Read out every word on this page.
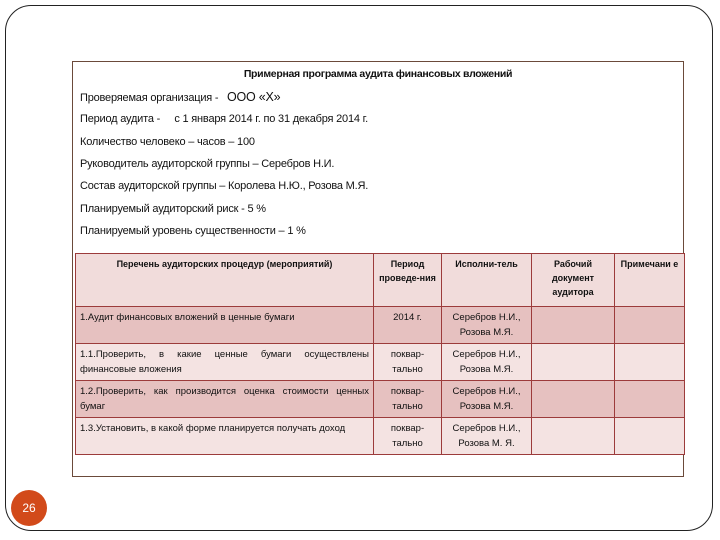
Примерная программа аудита финансовых вложений
Проверяемая организация - ООО «Х»
Период аудита - с 1 января 2014 г. по 31 декабря 2014 г.
Количество человеко – часов – 100
Руководитель аудиторской группы – Серебров Н.И.
Состав аудиторской группы – Королева Н.Ю., Розова М.Я.
Планируемый аудиторский риск - 5 %
Планируемый уровень существенности – 1 %
Перечень аудиторских процедур (мероприятий)	Период проведе-ния	Исполни-тель	Рабочий документ аудитора	Примечани е
1.Аудит финансовых вложений в ценные бумаги	2014 г.	Серебров Н.И., Розова М.Я.		
1.1.Проверить, в какие ценные бумаги осуществлены финансовые вложения	поквар-тально	Серебров Н.И., Розова М.Я.		
1.2.Проверить, как производится оценка стоимости ценных бумаг	поквар-тально	Серебров Н.И., Розова М.Я.		
1.3.Установить, в какой форме планируется получать доход	поквар-тально	Серебров Н.И., Розова М. Я.		
26
